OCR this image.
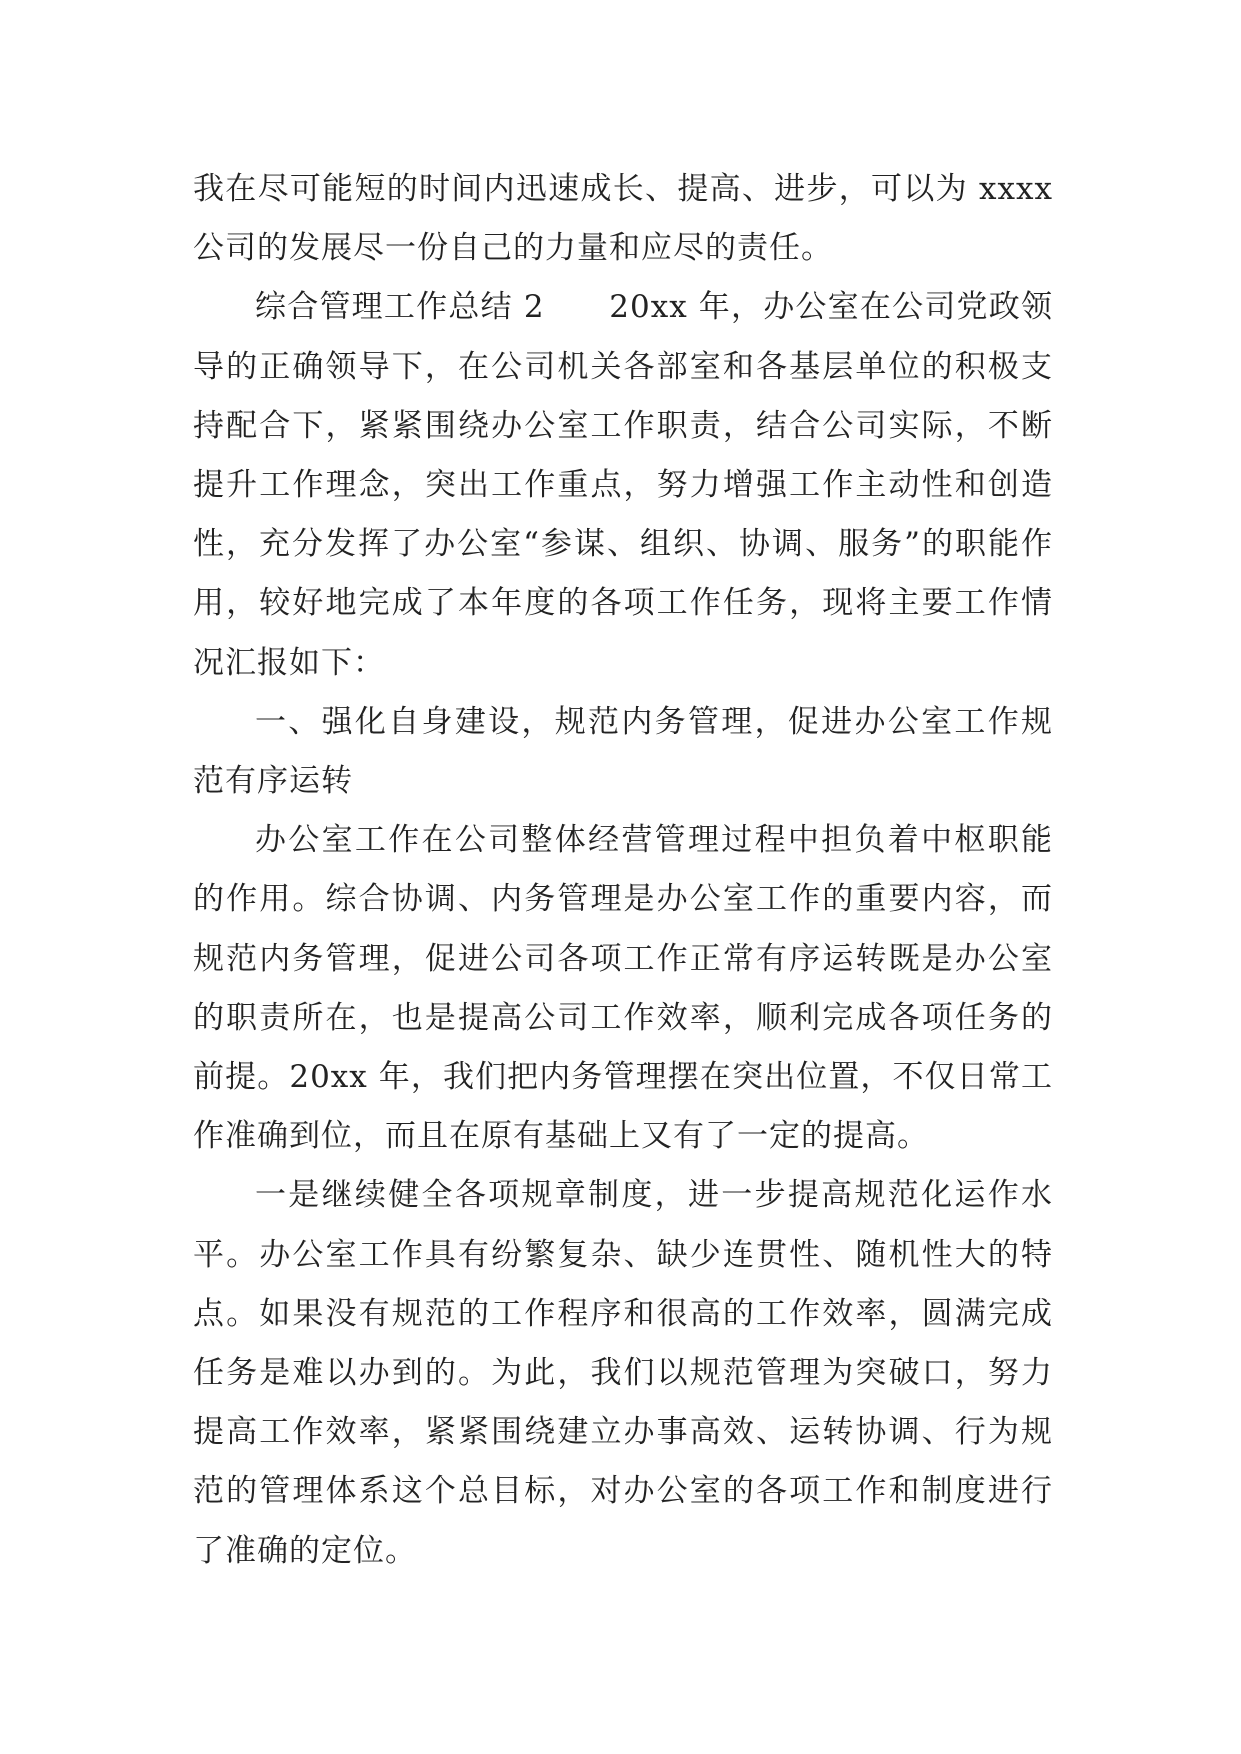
我在尽可能短的时间内迅速成长、提高、进步，可以为 xxxx 公司的发展尽一份自己的力量和应尽的责任。

综合管理工作总结 2　　20xx 年，办公室在公司党政领导的正确领导下，在公司机关各部室和各基层单位的积极支持配合下，紧紧围绕办公室工作职责，结合公司实际，不断提升工作理念，突出工作重点，努力增强工作主动性和创造性，充分发挥了办公室“参谋、组织、协调、服务”的职能作用，较好地完成了本年度的各项工作任务，现将主要工作情况汇报如下：

一、强化自身建设，规范内务管理，促进办公室工作规范有序运转

办公室工作在公司整体经营管理过程中担负着中枢职能的作用。综合协调、内务管理是办公室工作的重要内容，而规范内务管理，促进公司各项工作正常有序运转既是办公室的职责所在，也是提高公司工作效率，顺利完成各项任务的前提。20xx 年，我们把内务管理摆在突出位置，不仅日常工作准确到位，而且在原有基础上又有了一定的提高。

一是继续健全各项规章制度，进一步提高规范化运作水平。办公室工作具有纷繁复杂、缺少连贯性、随机性大的特点。如果没有规范的工作程序和很高的工作效率，圆满完成任务是难以办到的。为此，我们以规范管理为突破口，努力提高工作效率，紧紧围绕建立办事高效、运转协调、行为规范的管理体系这个总目标，对办公室的各项工作和制度进行了准确的定位。
